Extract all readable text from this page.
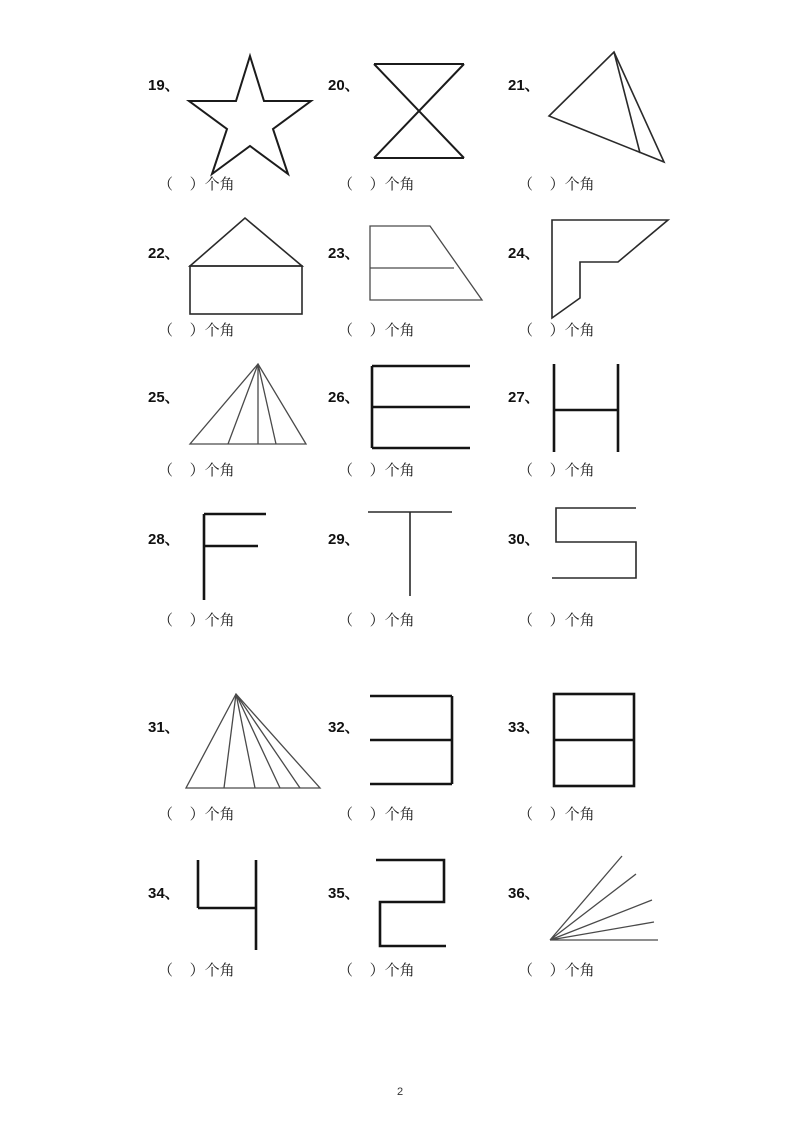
19、
（    ）个角
20、
（    ）个角
21、
（    ）个角
22、
（    ）个角
23、
（    ）个角
24、
（    ）个角
25、
（    ）个角
26、
（    ）个角
27、
（    ）个角
28、
（    ）个角
29、
（    ）个角
30、
（    ）个角
31、
（    ）个角
32、
（    ）个角
33、
（    ）个角
34、
（    ）个角
35、
（    ）个角
36、
（    ）个角
2
